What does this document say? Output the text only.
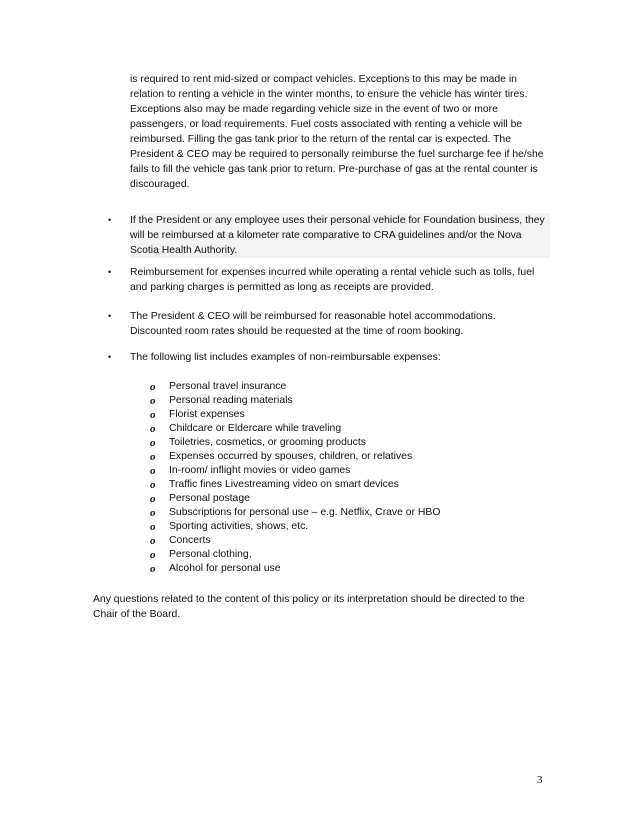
is required to rent mid-sized or compact vehicles. Exceptions to this may be made in relation to renting a vehicle in the winter months, to ensure the vehicle has winter tires. Exceptions also may be made regarding vehicle size in the event of two or more passengers, or load requirements. Fuel costs associated with renting a vehicle will be reimbursed. Filling the gas tank prior to the return of the rental car is expected. The President & CEO may be required to personally reimburse the fuel surcharge fee if he/she fails to fill the vehicle gas tank prior to return. Pre-purchase of gas at the rental counter is discouraged.

•	If the President or any employee uses their personal vehicle for Foundation business, they will be reimbursed at a kilometer rate comparative to CRA guidelines and/or the Nova Scotia Health Authority.
•	Reimbursement for expenses incurred while operating a rental vehicle such as tolls, fuel and parking charges is permitted as long as receipts are provided.
•	The President & CEO will be reimbursed for reasonable hotel accommodations. Discounted room rates should be requested at the time of room booking.
•	The following list includes examples of non-reimbursable expenses:
o Personal travel insurance
o Personal reading materials
o Florist expenses
o Childcare or Eldercare while traveling
o Toiletries, cosmetics, or grooming products
o Expenses occurred by spouses, children, or relatives
o In-room/ inflight movies or video games
o Traffic fines Livestreaming video on smart devices
o Personal postage
o Subscriptions for personal use – e.g. Netflix, Crave or HBO
o Sporting activities, shows, etc.
o Concerts
o Personal clothing,
o Alcohol for personal use

Any questions related to the content of this policy or its interpretation should be directed to the Chair of the Board.

3
